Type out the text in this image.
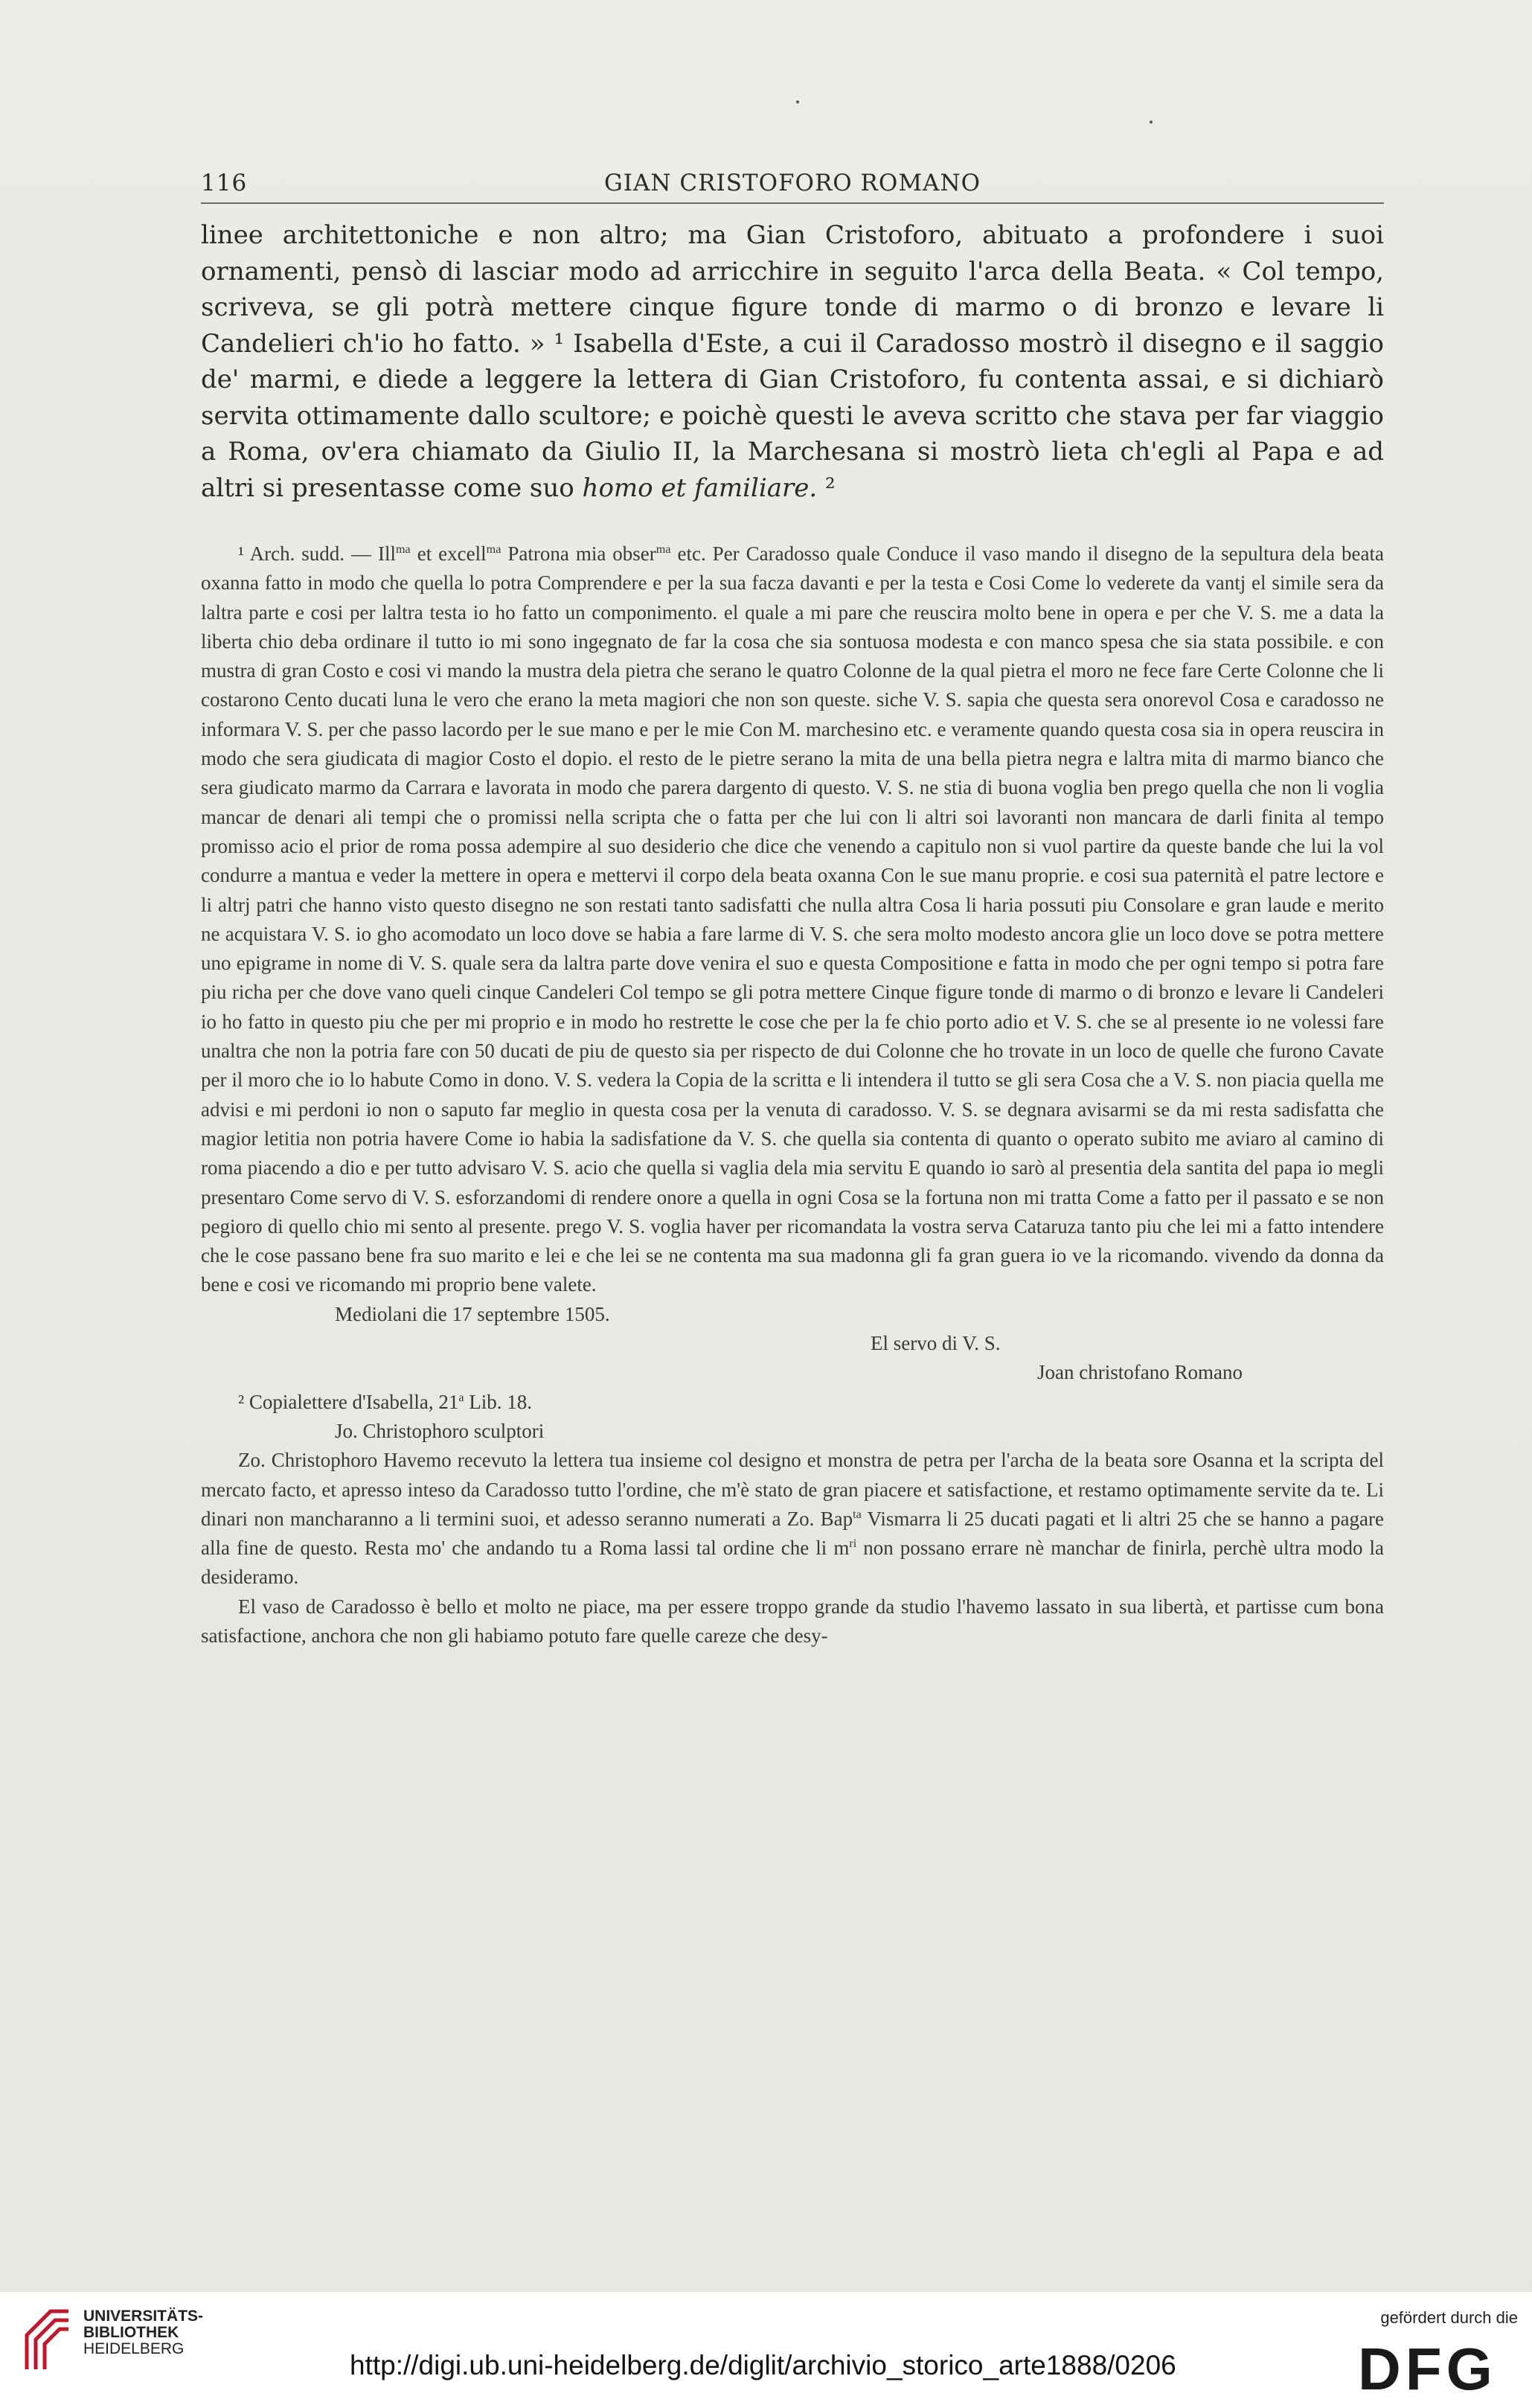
116	GIAN CRISTOFORO ROMANO

linee architettoniche e non altro; ma Gian Cristoforo, abituato a profondere i suoi ornamenti, pensò di lasciar modo ad arricchire in seguito l'arca della Beata. « Col tempo, scriveva, se gli potrà mettere cinque figure tonde di marmo o di bronzo e levare li Candelieri ch'io ho fatto. » ¹ Isabella d'Este, a cui il Caradosso mostrò il disegno e il saggio de' marmi, e diede a leggere la lettera di Gian Cristoforo, fu contenta assai, e si dichiarò servita ottimamente dallo scultore; e poichè questi le aveva scritto che stava per far viaggio a Roma, ov'era chiamato da Giulio II, la Marchesana si mostrò lieta ch'egli al Papa e ad altri si presentasse come suo homo et familiare. ²

¹ Arch. sudd. — Ill$^{ma}$ et excell$^{ma}$ Patrona mia obser$^{ma}$ etc. Per Caradosso quale Conduce il vaso mando il disegno de la sepultura dela beata oxanna fatto in modo che quella lo potra Comprendere e per la sua facza davanti e per la testa e Cosi Come lo vederete da vantj el simile sera da laltra parte e cosi per laltra testa io ho fatto un componimento. el quale a mi pare che reuscira molto bene in opera e per che V. S. me a data la liberta chio deba ordinare il tutto io mi sono ingegnato de far la cosa che sia sontuosa modesta e con manco spesa che sia stata possibile. e con mustra di gran Costo e cosi vi mando la mustra dela pietra che serano le quatro Colonne de la qual pietra el moro ne fece fare Certe Colonne che li costarono Cento ducati luna le vero che erano la meta magiori che non son queste. siche V. S. sapia che questa sera onorevol Cosa e caradosso ne informara V. S. per che passo lacordo per le sue mano e per le mie Con M. marchesino etc. e veramente quando questa cosa sia in opera reuscira in modo che sera giudicata di magior Costo el dopio. el resto de le pietre serano la mita de una bella pietra negra e laltra mita di marmo bianco che sera giudicato marmo da Carrara e lavorata in modo che parera dargento di questo. V. S. ne stia di buona voglia ben prego quella che non li voglia mancar de denari ali tempi che o promissi nella scripta che o fatta per che lui con li altri soi lavoranti non mancara de darli finita al tempo promisso acio el prior de roma possa adempire al suo desiderio che dice che venendo a capitulo non si vuol partire da queste bande che lui la vol condurre a mantua e veder la mettere in opera e mettervi il corpo dela beata oxanna Con le sue manu proprie. e cosi sua paternità el patre lectore e li altrj patri che hanno visto questo disegno ne son restati tanto sadisfatti che nulla altra Cosa li haria possuti piu Consolare e gran laude e merito ne acquistara V. S. io gho acomodato un loco dove se habia a fare larme di V. S. che sera molto modesto ancora glie un loco dove se potra mettere uno epigrame in nome di V. S. quale sera da laltra parte dove venira el suo e questa Compositione e fatta in modo che per ogni tempo si potra fare piu richa per che dove vano queli cinque Candeleri Col tempo se gli potra mettere Cinque figure tonde di marmo o di bronzo e levare li Candeleri io ho fatto in questo piu che per mi proprio e in modo ho restrette le cose che per la fe chio porto adio et V. S. che se al presente io ne volessi fare unaltra che non la potria fare con 50 ducati de piu de questo sia per rispecto de dui Colonne che ho trovate in un loco de quelle che furono Cavate per il moro che io lo habute Como in dono. V. S. vedera la Copia de la scritta e li intendera il tutto se gli sera Cosa che a V. S. non piacia quella me advisi e mi perdoni io non o saputo far meglio in questa cosa per la venuta di caradosso. V. S. se degnara avisarmi se da mi resta sadisfatta che magior letitia non potria havere Come io habia la sadisfatione da V. S. che quella sia contenta di quanto o operato subito me aviaro al camino di roma piacendo a dio e per tutto advisaro V. S. acio che quella si vaglia dela mia servitu E quando io sarò al presentia dela santita del papa io megli presentaro Come servo di V. S. esforzandomi di rendere onore a quella in ogni Cosa se la fortuna non mi tratta Come a fatto per il passato e se non pegioro di quello chio mi sento al presente. prego V. S. voglia haver per ricomandata la vostra serva Cataruza tanto piu che lei mi a fatto intendere che le cose passano bene fra suo marito e lei e che lei se ne contenta ma sua madonna gli fa gran guera io ve la ricomando. vivendo da donna da bene e cosi ve ricomando mi proprio bene valete.

Mediolani die 17 septembre 1505.

El servo di V. S.

Joan christofano Romano

² Copialettere d'Isabella, 21$^a$ Lib. 18.

Jo. Christophoro sculptori

Zo. Christophoro Havemo recevuto la lettera tua insieme col designo et monstra de petra per l'archa de la beata sore Osanna et la scripta del mercato facto, et apresso inteso da Caradosso tutto l'ordine, che m'è stato de gran piacere et satisfactione, et restamo optimamente servite da te. Li dinari non mancharanno a li termini suoi, et adesso seranno numerati a Zo. Bap$^{ta}$ Vismarra li 25 ducati pagati et li altri 25 che se hanno a pagare alla fine de questo. Resta mo' che andando tu a Roma lassi tal ordine che li $m^{ri}$ non possano errare nè manchar de finirla, perchè ultra modo la desideramo.

El vaso de Caradosso è bello et molto ne piace, ma per essere troppo grande da studio l'havemo lassato in sua libertà, et partisse cum bona satisfactione, anchora che non gli habiamo potuto fare quelle careze che desy-

UNIVERSITÄTS-
BIBLIOTHEK
HEIDELBERG
http://digi.ub.uni-heidelberg.de/diglit/archivio_storico_arte1888/0206
gefördert durch die
DFG
